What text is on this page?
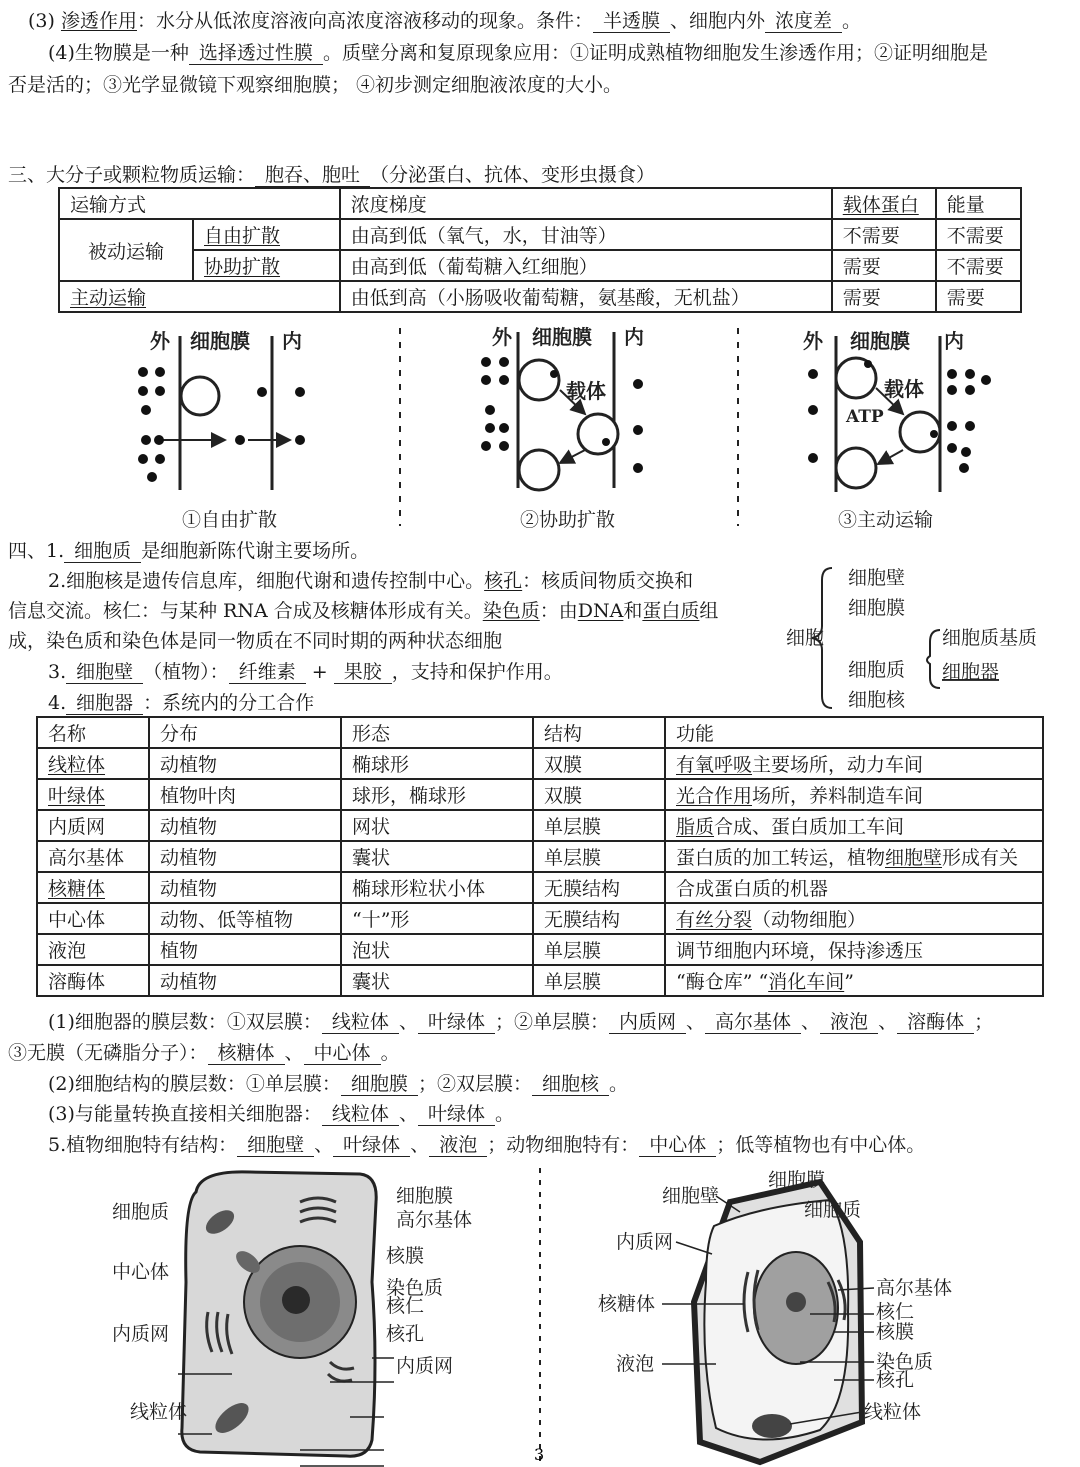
(3) 渗透作用：水分从低浓度溶液向高浓度溶液移动的现象。条件： 半透膜 、细胞内外 浓度差 。
(4)生物膜是一种 选择透过性膜 。质壁分离和复原现象应用：①证明成熟植物细胞发生渗透作用；②证明细胞是
否是活的；③光学显微镜下观察细胞膜； ④初步测定细胞液浓度的大小。
三、大分子或颗粒物质运输： 胞吞、胞吐 （分泌蛋白、抗体、变形虫摄食）
运输方式		浓度梯度	载体蛋白	能量
被动运输	自由扩散	由高到低（氧气，水，甘油等）	不需要	不需要
	协助扩散	由高到低（葡萄糖入红细胞）	需要	不需要
主动运输		由低到高（小肠吸收葡萄糖，氨基酸，无机盐）	需要	需要
外 细胞膜 内	外 细胞膜 内
载体
外 细胞膜 内
载体
ATP
①自由扩散	②协助扩散	③主动运输
四、1. 细胞质 是细胞新陈代谢主要场所。
2.细胞核是遗传信息库，细胞代谢和遗传控制中心。核孔：核质间物质交换和
信息交流。核仁：与某种 RNA 合成及核糖体形成有关。染色质：由DNA和蛋白质组
成，染色质和染色体是同一物质在不同时期的两种状态细胞
3. 细胞壁 （植物）： 纤维素 + 果胶 ，支持和保护作用。
4. 细胞器 ：系统内的分工合作
细胞
细胞壁
细胞膜
细胞质
细胞核
细胞质基质
细胞器
名称	分布	形态	结构	功能
线粒体	动植物	椭球形	双膜	有氧呼吸主要场所，动力车间
叶绿体	植物叶肉	球形，椭球形	双膜	光合作用场所，养料制造车间
内质网	动植物	网状	单层膜	脂质合成、蛋白质加工车间
高尔基体	动植物	囊状	单层膜	蛋白质的加工转运，植物细胞壁形成有关
核糖体	动植物	椭球形粒状小体	无膜结构	合成蛋白质的机器
中心体	动物、低等植物	“十”形	无膜结构	有丝分裂（动物细胞）
液泡	植物	泡状	单层膜	调节细胞内环境，保持渗透压
溶酶体	动植物	囊状	单层膜	“酶仓库” “消化车间”
(1)细胞器的膜层数：①双层膜： 线粒体 、 叶绿体 ；②单层膜： 内质网 、 高尔基体 、 液泡 、 溶酶体 ；
③无膜（无磷脂分子）： 核糖体 、 中心体 。
(2)细胞结构的膜层数：①单层膜： 细胞膜 ；②双层膜： 细胞核 。
(3)与能量转换直接相关细胞器： 线粒体 、 叶绿体 。
5.植物细胞特有结构： 细胞壁 、 叶绿体 、 液泡 ；动物细胞特有： 中心体 ；低等植物也有中心体。
3
细胞质
中心体
内质网
线粒体
细胞膜
高尔基体
核膜
染色质
核仁
核孔
内质网
细胞壁
细胞膜
细胞质
内质网
核糖体
液泡
高尔基体
核仁
核膜
染色质
核孔
线粒体
